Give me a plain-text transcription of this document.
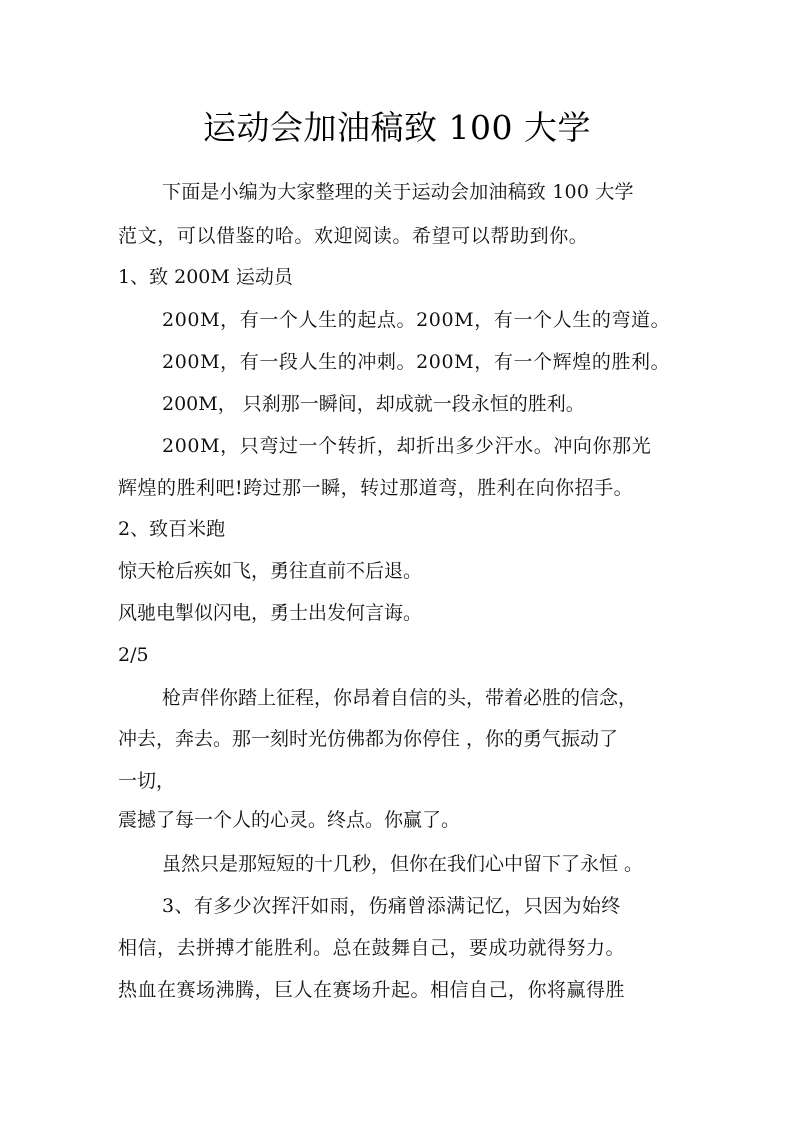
运动会加油稿致 100 大学
下面是小编为大家整理的关于运动会加油稿致 100 大学
范文，可以借鉴的哈。欢迎阅读。希望可以帮助到你。
1、致 200M 运动员
200M，有一个人生的起点。200M，有一个人生的弯道。
200M，有一段人生的冲刺。200M，有一个辉煌的胜利。
200M， 只刹那一瞬间，却成就一段永恒的胜利。
200M，只弯过一个转折，却折出多少汗水。冲向你那光
辉煌的胜利吧!跨过那一瞬，转过那道弯，胜利在向你招手。
2、致百米跑
惊天枪后疾如飞，勇往直前不后退。
风驰电掣似闪电，勇士出发何言诲。
2/5
枪声伴你踏上征程，你昂着自信的头，带着必胜的信念，
冲去，奔去。那一刻时光仿佛都为你停住 ，你的勇气振动了
一切，
震撼了每一个人的心灵。终点。你赢了。
虽然只是那短短的十几秒，但你在我们心中留下了永恒 。
3、有多少次挥汗如雨，伤痛曾添满记忆，只因为始终
相信，去拼搏才能胜利。总在鼓舞自己，要成功就得努力。
热血在赛场沸腾，巨人在赛场升起。相信自己，你将赢得胜
